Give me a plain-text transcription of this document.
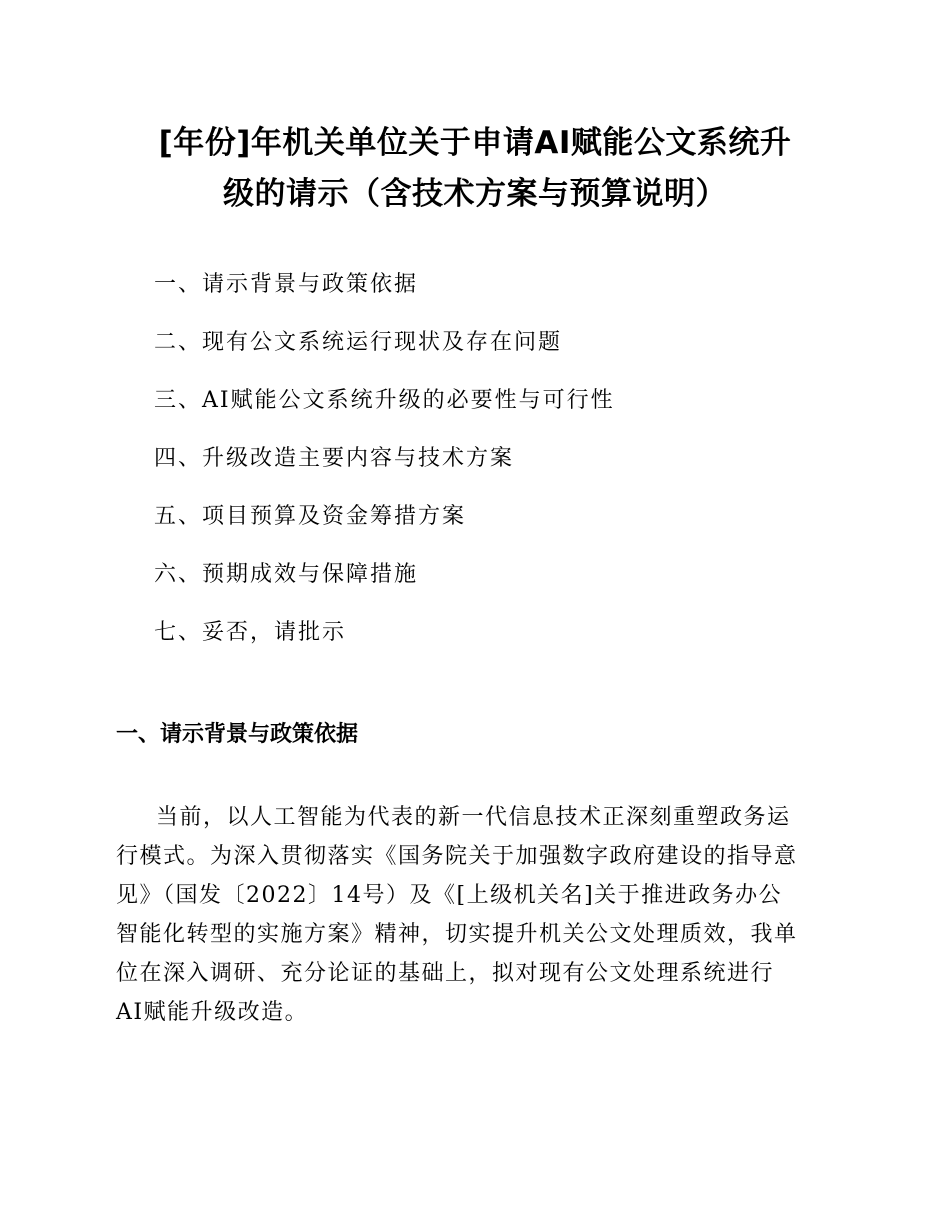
[年份]年机关单位关于申请AI赋能公文系统升
级的请示（含技术方案与预算说明）
一、请示背景与政策依据
二、现有公文系统运行现状及存在问题
三、AI赋能公文系统升级的必要性与可行性
四、升级改造主要内容与技术方案
五、项目预算及资金筹措方案
六、预期成效与保障措施
七、妥否，请批示
一、请示背景与政策依据

当前，以人工智能为代表的新一代信息技术正深刻重塑政务运
行模式。为深入贯彻落实《国务院关于加强数字政府建设的指导意
见》（国发〔2022〕14号）及《[上级机关名]关于推进政务办公
智能化转型的实施方案》精神，切实提升机关公文处理质效，我单
位在深入调研、充分论证的基础上，拟对现有公文处理系统进行
AI赋能升级改造。
